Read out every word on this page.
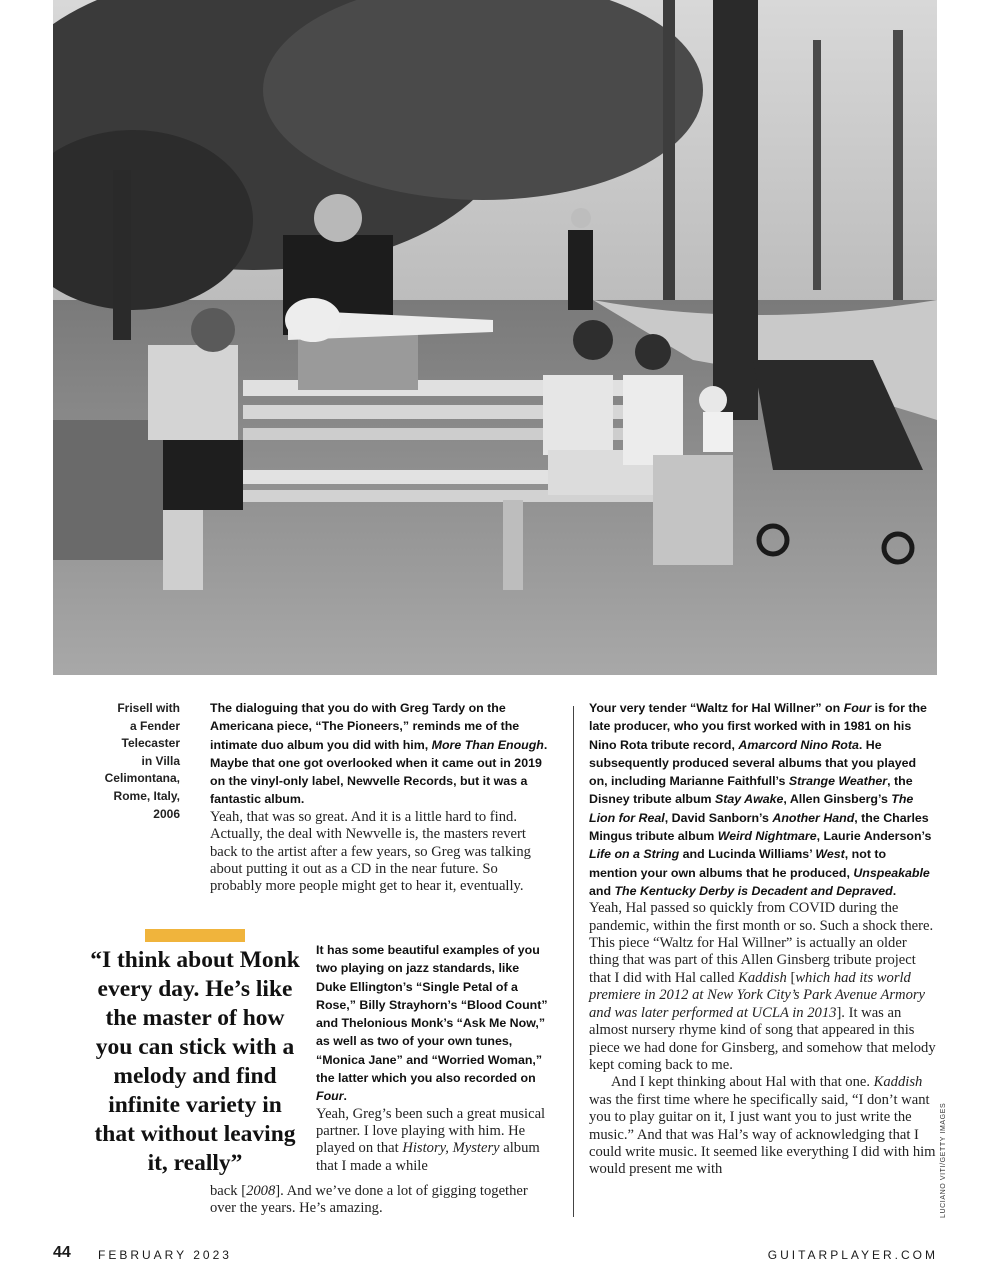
LUCIANO VITI/GETTY IMAGES
Frisell with
a Fender
Telecaster
in Villa
Celimontana,
Rome, Italy,
2006

The dialoguing that you do with Greg Tardy on the Americana piece, “The Pioneers,” reminds me of the intimate duo album you did with him, More Than Enough. Maybe that one got overlooked when it came out in 2019 on the vinyl-only label, Newvelle Records, but it was a fantastic album.

Yeah, that was so great. And it is a little hard to find. Actually, the deal with Newvelle is, the masters revert back to the artist after a few years, so Greg was talking about putting it out as a CD in the near future. So probably more people might get to hear it, eventually.

“I think about Monk every day. He’s like the master of how you can stick with a melody and find infinite variety in that without leaving it, really”

It has some beautiful examples of you two playing on jazz standards, like Duke Ellington’s “Single Petal of a Rose,” Billy Strayhorn’s “Blood Count” and Thelonious Monk’s “Ask Me Now,” as well as two of your own tunes, “Monica Jane” and “Worried Woman,” the latter which you also recorded on Four.

Yeah, Greg’s been such a great musical partner. I love playing with him. He played on that History, Mystery album that I made a while

back [2008]. And we’ve done a lot of gigging together over the years. He’s amazing.

Your very tender “Waltz for Hal Willner” on Four is for the late producer, who you first worked with in 1981 on his Nino Rota tribute record, Amarcord Nino Rota. He subsequently produced several albums that you played on, including Marianne Faithfull’s Strange Weather, the Disney tribute album Stay Awake, Allen Ginsberg’s The Lion for Real, David Sanborn’s Another Hand, the Charles Mingus tribute album Weird Nightmare, Laurie Anderson’s Life on a String and Lucinda Williams’ West, not to mention your own albums that he produced, Unspeakable and The Kentucky Derby is Decadent and Depraved.

Yeah, Hal passed so quickly from COVID during the pandemic, within the first month or so. Such a shock there. This piece “Waltz for Hal Willner” is actually an older thing that was part of this Allen Ginsberg tribute project that I did with Hal called Kaddish [which had its world premiere in 2012 at New York City’s Park Avenue Armory and was later performed at UCLA in 2013]. It was an almost nursery rhyme kind of song that appeared in this piece we had done for Ginsberg, and somehow that melody kept coming back to me.

And I kept thinking about Hal with that one. Kaddish was the first time where he specifically said, “I don’t want you to play guitar on it, I just want you to just write the music.” And that was Hal’s way of acknowledging that I could write music. It seemed like everything I did with him would present me with

44 FEBRUARY 2023	GUITARPLAYER.COM
